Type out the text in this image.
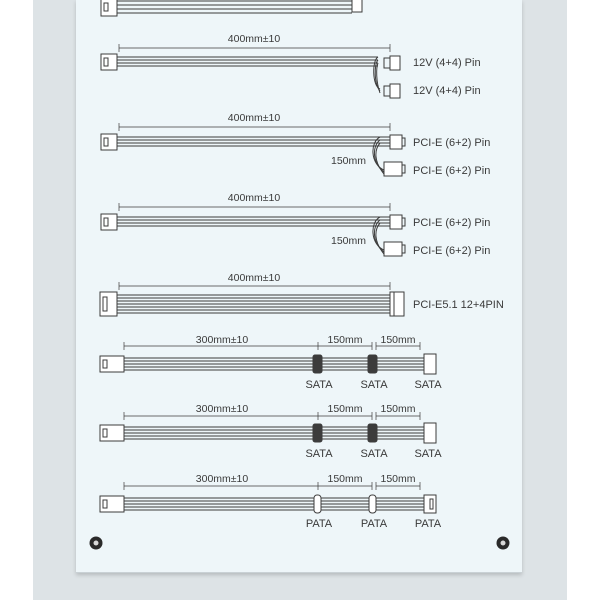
400mm±10
12V (4+4) Pin
12V (4+4) Pin
400mm±10
150mm
PCI-E (6+2) Pin
PCI-E (6+2) Pin
400mm±10
150mm
PCI-E (6+2) Pin
PCI-E (6+2) Pin
400mm±10
PCI-E5.1 12+4PIN
300mm±10	150mm 150mm
SATA	SATA SATA
300mm±10	150mm 150mm
SATA	SATA SATA
300mm±10	150mm 150mm
PATA	PATA	PATA
